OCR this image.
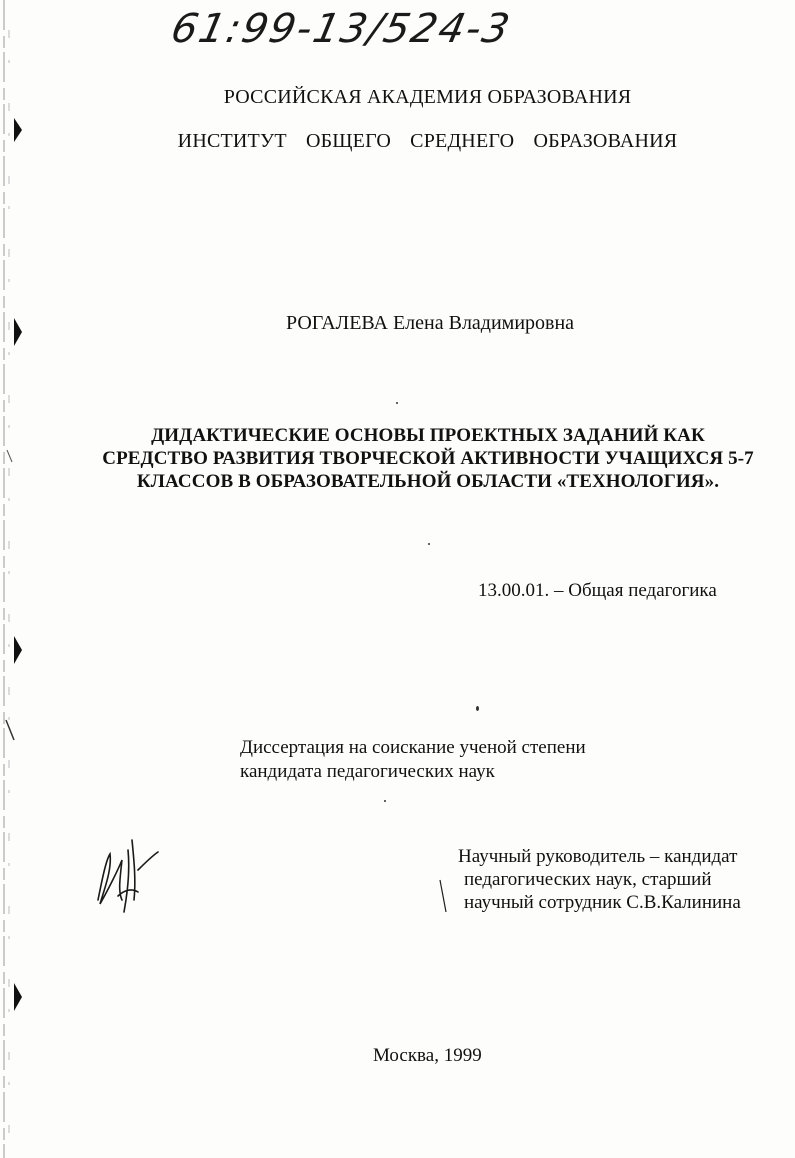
61:99-13/524-3
РОССИЙСКАЯ АКАДЕМИЯ ОБРАЗОВАНИЯ
ИНСТИТУТ ОБЩЕГО СРЕДНЕГО ОБРАЗОВАНИЯ
РОГАЛЕВА Елена Владимировна
ДИДАКТИЧЕСКИЕ ОСНОВЫ ПРОЕКТНЫХ ЗАДАНИЙ КАК
СРЕДСТВО РАЗВИТИЯ ТВОРЧЕСКОЙ АКТИВНОСТИ УЧАЩИХСЯ 5-7
КЛАССОВ В ОБРАЗОВАТЕЛЬНОЙ ОБЛАСТИ «ТЕХНОЛОГИЯ».
13.00.01. – Общая педагогика
Диссертация на соискание ученой степени
кандидата педагогических наук
Научный руководитель – кандидат
педагогических наук, старший
научный сотрудник С.В.Калинина
Москва, 1999
